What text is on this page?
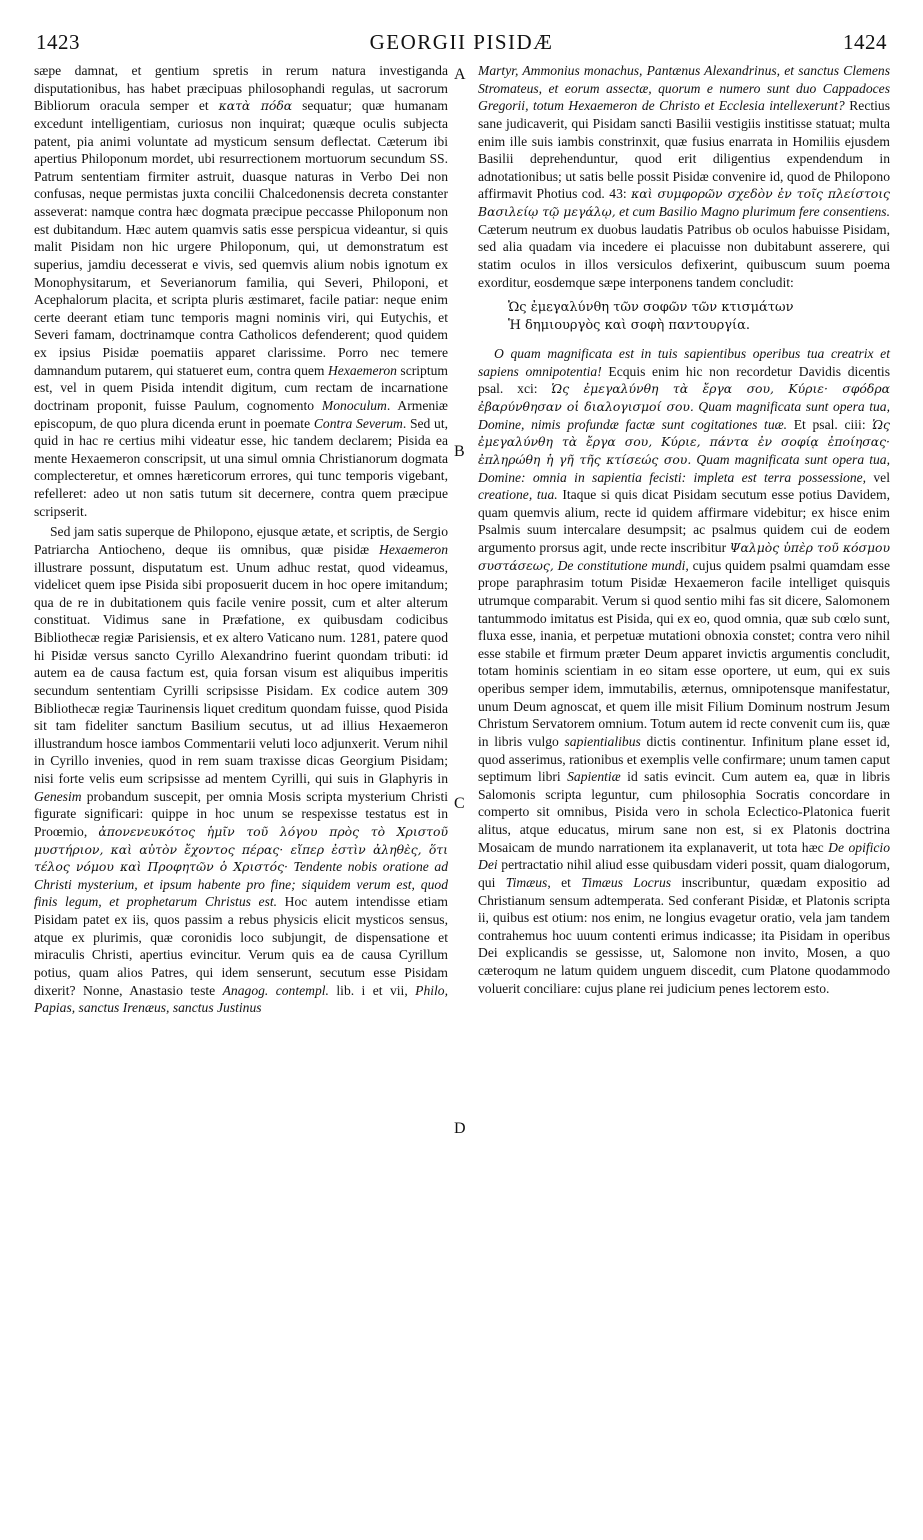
1423	GEORGII PISIDÆ	1424
A
B
C
D

sæpe damnat, et gentium spretis in rerum natura investiganda disputationibus, has habet præcipuas philosophandi regulas, ut sacrorum Bibliorum oracula semper et κατὰ πόδα sequatur; quæ humanam excedunt intelligentiam, curiosus non inquirat; quæque oculis subjecta patent, pia animi voluntate ad mysticum sensum deflectat. Cæterum ibi apertius Philoponum mordet, ubi resurrectionem mortuorum secundum SS. Patrum sententiam firmiter astruit, duasque naturas in Verbo Dei non confusas, neque permistas juxta concilii Chalcedonensis decreta constanter asseverat: namque contra hæc dogmata præcipue peccasse Philoponum non est dubitandum. Hæc autem quamvis satis esse perspicua videantur, si quis malit Pisidam non hic urgere Philoponum, qui, ut demonstratum est superius, jamdiu decesserat e vivis, sed quemvis alium nobis ignotum ex Monophysitarum, et Severianorum familia, qui Severi, Philoponi, et Acephalorum placita, et scripta pluris æstimaret, facile patiar: neque enim certe deerant etiam tunc temporis magni nominis viri, qui Eutychis, et Severi famam, doctrinamque contra Catholicos defenderent; quod quidem ex ipsius Pisidæ poematiis apparet clarissime. Porro nec temere damnandum putarem, qui statueret eum, contra quem Hexaemeron scriptum est, vel in quem Pisida intendit digitum, cum rectam de incarnatione doctrinam proponit, fuisse Paulum, cognomento Monoculum. Armeniæ episcopum, de quo plura dicenda erunt in poemate Contra Severum. Sed ut, quid in hac re certius mihi videatur esse, hic tandem declarem; Pisida ea mente Hexaemeron conscripsit, ut una simul omnia Christianorum dogmata complecteretur, et omnes hæreticorum errores, qui tunc temporis vigebant, refelleret: adeo ut non satis tutum sit decernere, contra quem præcipue scripserit.

Sed jam satis superque de Philopono, ejusque ætate, et scriptis, de Sergio Patriarcha Antiocheno, deque iis omnibus, quæ pisidæ Hexaemeron illustrare possunt, disputatum est. Unum adhuc restat, quod videamus, videlicet quem ipse Pisida sibi proposuerit ducem in hoc opere imitandum; qua de re in dubitationem quis facile venire possit, cum et alter alterum constituat. Vidimus sane in Præfatione, ex quibusdam codicibus Bibliothecæ regiæ Parisiensis, et ex altero Vaticano num. 1281, patere quod hi Pisidæ versus sancto Cyrillo Alexandrino fuerint quondam tributi: id autem ea de causa factum est, quia forsan visum est aliquibus imperitis secundum sententiam Cyrilli scripsisse Pisidam. Ex codice autem 309 Bibliothecæ regiæ Taurinensis liquet creditum quondam fuisse, quod Pisida sit tam fideliter sanctum Basilium secutus, ut ad illius Hexaemeron illustrandum hosce iambos Commentarii veluti loco adjunxerit. Verum nihil in Cyrillo invenies, quod in rem suam traxisse dicas Georgium Pisidam; nisi forte velis eum scripsisse ad mentem Cyrilli, qui suis in Glaphyris in Genesim probandum suscepit, per omnia Mosis scripta mysterium Christi figurate significari: quippe in hoc unum se respexisse testatus est in Proœmio, ἀπονενευκότος ἡμῖν τοῦ λόγου πρὸς τὸ Χριστοῦ μυστήριον, καὶ αὐτὸν ἔχοντος πέρας· εἴπερ ἐστὶν ἀληθὲς, ὅτι τέλος νόμου καὶ Προφητῶν ὁ Χριστός· Tendente nobis oratione ad Christi mysterium, et ipsum habente pro fine; siquidem verum est, quod finis legum, et prophetarum Christus est. Hoc autem intendisse etiam Pisidam patet ex iis, quos passim a rebus physicis elicit mysticos sensus, atque ex plurimis, quæ coronidis loco subjungit, de dispensatione et miraculis Christi, apertius evincitur. Verum quis ea de causa Cyrillum potius, quam alios Patres, qui idem senserunt, secutum esse Pisidam dixerit? Nonne, Anastasio teste Anagog. contempl. lib. i et vii, Philo, Papias, sanctus Irenæus, sanctus Justinus

Martyr, Ammonius monachus, Pantænus Alexandrinus, et sanctus Clemens Stromateus, et eorum assectæ, quorum e numero sunt duo Cappadoces Gregorii, totum Hexaemeron de Christo et Ecclesia intellexerunt? Rectius sane judicaverit, qui Pisidam sancti Basilii vestigiis institisse statuat; multa enim ille suis iambis constrinxit, quæ fusius enarrata in Homiliis ejusdem Basilii deprehenduntur, quod erit diligentius expendendum in adnotationibus; ut satis belle possit Pisidæ convenire id, quod de Philopono affirmavit Photius cod. 43: καὶ συμφορῶν σχεδὸν ἐν τοῖς πλείστοις Βασιλείῳ τῷ μεγάλῳ, et cum Basilio Magno plurimum fere consentiens. Cæterum neutrum ex duobus laudatis Patribus ob oculos habuisse Pisidam, sed alia quadam via incedere ei placuisse non dubitabunt asserere, qui statim oculos in illos versiculos defixerint, quibuscum suum poema exorditur, eosdemque sæpe interponens tandem concludit:

Ὡς ἐμεγαλύνθη τῶν σοφῶν τῶν κτισμάτων
Ἡ δημιουργὸς καὶ σοφὴ παντουργία.

O quam magnificata est in tuis sapientibus operibus tua creatrix et sapiens omnipotentia! Ecquis enim hic non recordetur Davidis dicentis psal. xci: Ὡς ἐμεγαλύνθη τὰ ἔργα σου, Κύριε· σφόδρα ἐβαρύνθησαν οἱ διαλογισμοί σου. Quam magnificata sunt opera tua, Domine, nimis profundæ factæ sunt cogitationes tuæ. Et psal. ciii: Ὡς ἐμεγαλύνθη τὰ ἔργα σου, Κύριε, πάντα ἐν σοφίᾳ ἐποίησας· ἐπληρώθη ἡ γῆ τῆς κτίσεώς σου. Quam magnificata sunt opera tua, Domine: omnia in sapientia fecisti: impleta est terra possessione, vel creatione, tua. Itaque si quis dicat Pisidam secutum esse potius Davidem, quam quemvis alium, recte id quidem affirmare videbitur; ex hisce enim Psalmis suum intercalare desumpsit; ac psalmus quidem cui de eodem argumento prorsus agit, unde recte inscribitur Ψαλμὸς ὑπὲρ τοῦ κόσμου συστάσεως, De constitutione mundi, cujus quidem psalmi quamdam esse prope paraphrasim totum Pisidæ Hexaemeron facile intelliget quisquis utrumque comparabit. Verum si quod sentio mihi fas sit dicere, Salomonem tantummodo imitatus est Pisida, qui ex eo, quod omnia, quæ sub cœlo sunt, fluxa esse, inania, et perpetuæ mutationi obnoxia constet; contra vero nihil esse stabile et firmum præter Deum apparet invictis argumentis concludit, totam hominis scientiam in eo sitam esse oportere, ut eum, qui ex suis operibus semper idem, immutabilis, æternus, omnipotensque manifestatur, unum Deum agnoscat, et quem ille misit Filium Dominum nostrum Jesum Christum Servatorem omnium. Totum autem id recte convenit cum iis, quæ in libris vulgo sapientialibus dictis continentur. Infinitum plane esset id, quod asserimus, rationibus et exemplis velle confirmare; unum tamen caput septimum libri Sapientiæ id satis evincit. Cum autem ea, quæ in libris Salomonis scripta leguntur, cum philosophia Socratis concordare in comperto sit omnibus, Pisida vero in schola Eclectico-Platonica fuerit alitus, atque educatus, mirum sane non est, si ex Platonis doctrina Mosaicam de mundo narrationem ita explanaverit, ut tota hæc De opificio Dei pertractatio nihil aliud esse quibusdam videri possit, quam dialogorum, qui Timæus, et Timæus Locrus inscribuntur, quædam expositio ad Christianum sensum adtemperata. Sed conferant Pisidæ, et Platonis scripta ii, quibus est otium: nos enim, ne longius evagetur oratio, vela jam tandem contrahemus hoc uuum contenti erimus indicasse; ita Pisidam in operibus Dei explicandis se gessisse, ut, Salomone non invito, Mosen, a quo cæteroqum ne latum quidem unguem discedit, cum Platone quodammodo voluerit conciliare: cujus plane rei judicium penes lectorem esto.
